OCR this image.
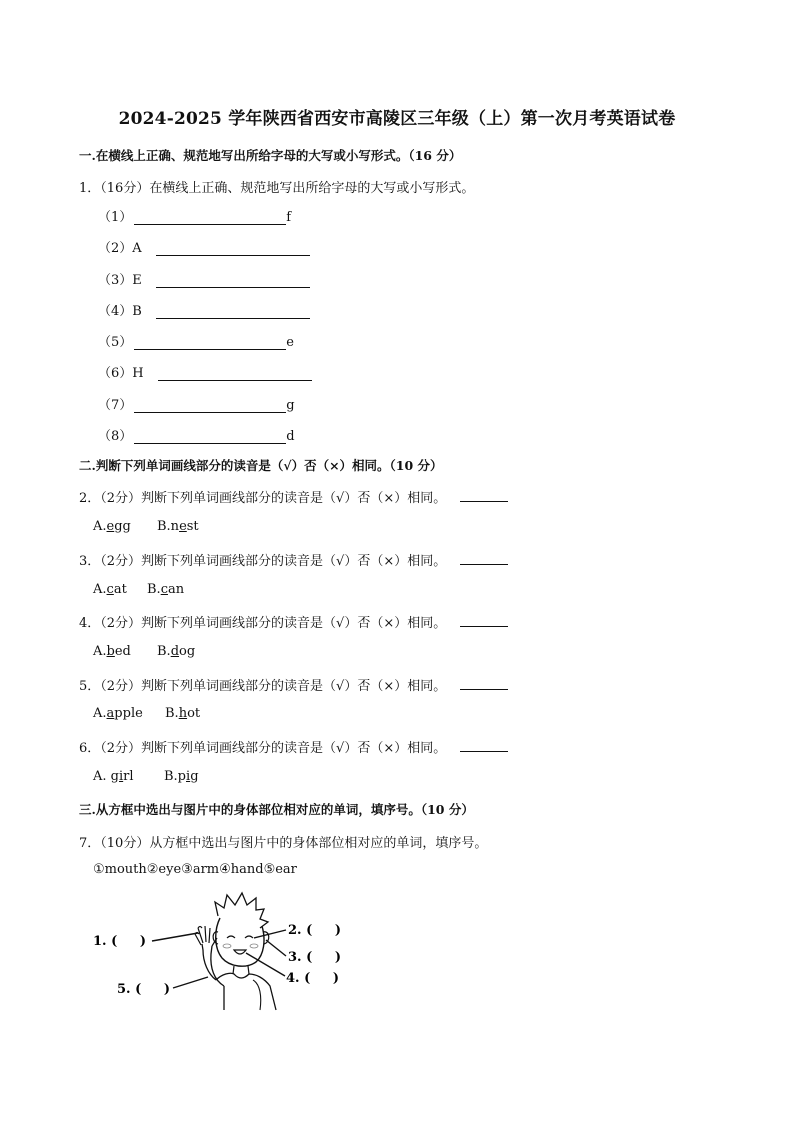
2024-2025 学年陕西省西安市高陵区三年级（上）第一次月考英语试卷
一.在横线上正确、规范地写出所给字母的大写或小写形式。（16 分）
1．（16分）在横线上正确、规范地写出所给字母的大写或小写形式。
（1）	f
（2） A
（3） E
（4） B
（5）	e
（6） H
（7）	g
（8）	d
二.判断下列单词画线部分的读音是（√）否（×）相同。（10 分）
2．（2分）判断下列单词画线部分的读音是（√）否（×）相同。
A.egg B.nest
3．（2分）判断下列单词画线部分的读音是（√）否（×）相同。
A.cat B.can
4．（2分）判断下列单词画线部分的读音是（√）否（×）相同。
A.bed B.dog
5．（2分）判断下列单词画线部分的读音是（√）否（×）相同。
A.apple B.hot
6．（2分）判断下列单词画线部分的读音是（√）否（×）相同。
A. girl B.pig
三.从方框中选出与图片中的身体部位相对应的单词，填序号。（10 分）
7．（10分）从方框中选出与图片中的身体部位相对应的单词，填序号。
①mouth②eye③arm④hand⑤ear
1. (     )
2. (     )
3. (     )
4. (     )
5. (     )
